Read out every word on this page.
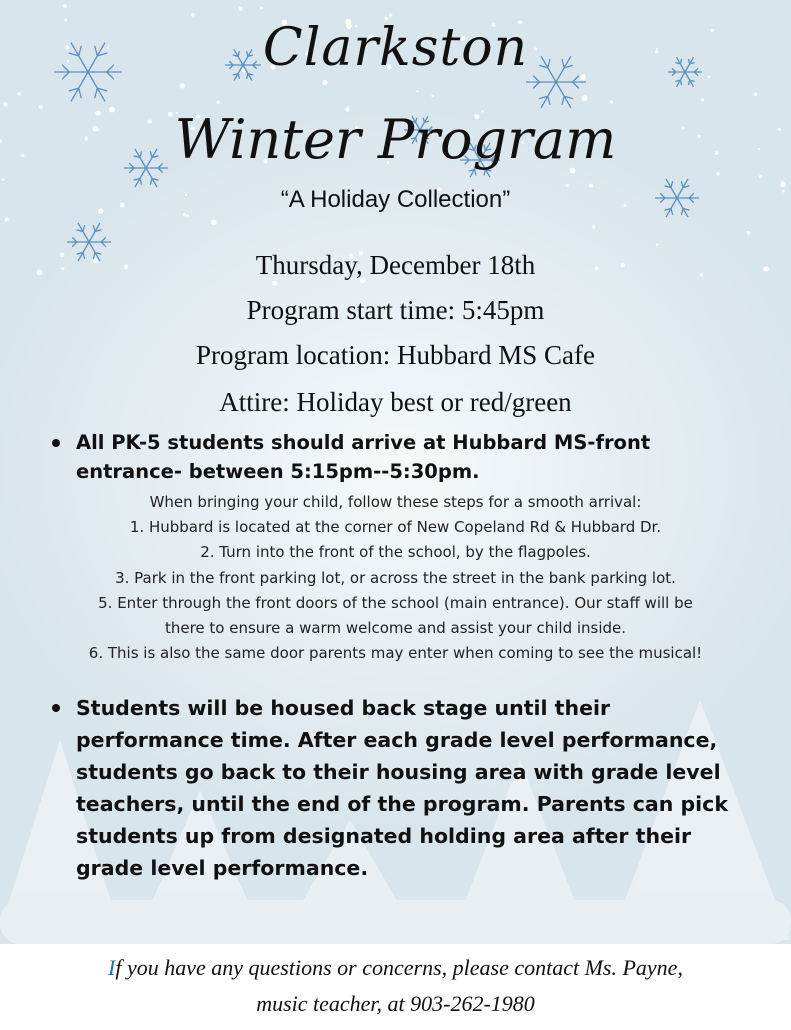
Clarkston
Winter Program
“A Holiday Collection”
Thursday, December 18th
Program start time: 5:45pm
Program location: Hubbard MS Cafe
Attire: Holiday best or red/green
All PK-5 students should arrive at Hubbard MS-front entrance- between 5:15pm--5:30pm.
When bringing your child, follow these steps for a smooth arrival:
1. Hubbard is located at the corner of New Copeland Rd & Hubbard Dr.
2. Turn into the front of the school, by the flagpoles.
3. Park in the front parking lot, or across the street in the bank parking lot.
5. Enter through the front doors of the school (main entrance). Our staff will be
there to ensure a warm welcome and assist your child inside.
6. This is also the same door parents may enter when coming to see the musical!
Students will be housed back stage until their performance time. After each grade level performance, students go back to their housing area with grade level teachers, until the end of the program. Parents can pick students up from designated holding area after their grade level performance.
If you have any questions or concerns, please contact Ms. Payne,
music teacher, at 903-262-1980
